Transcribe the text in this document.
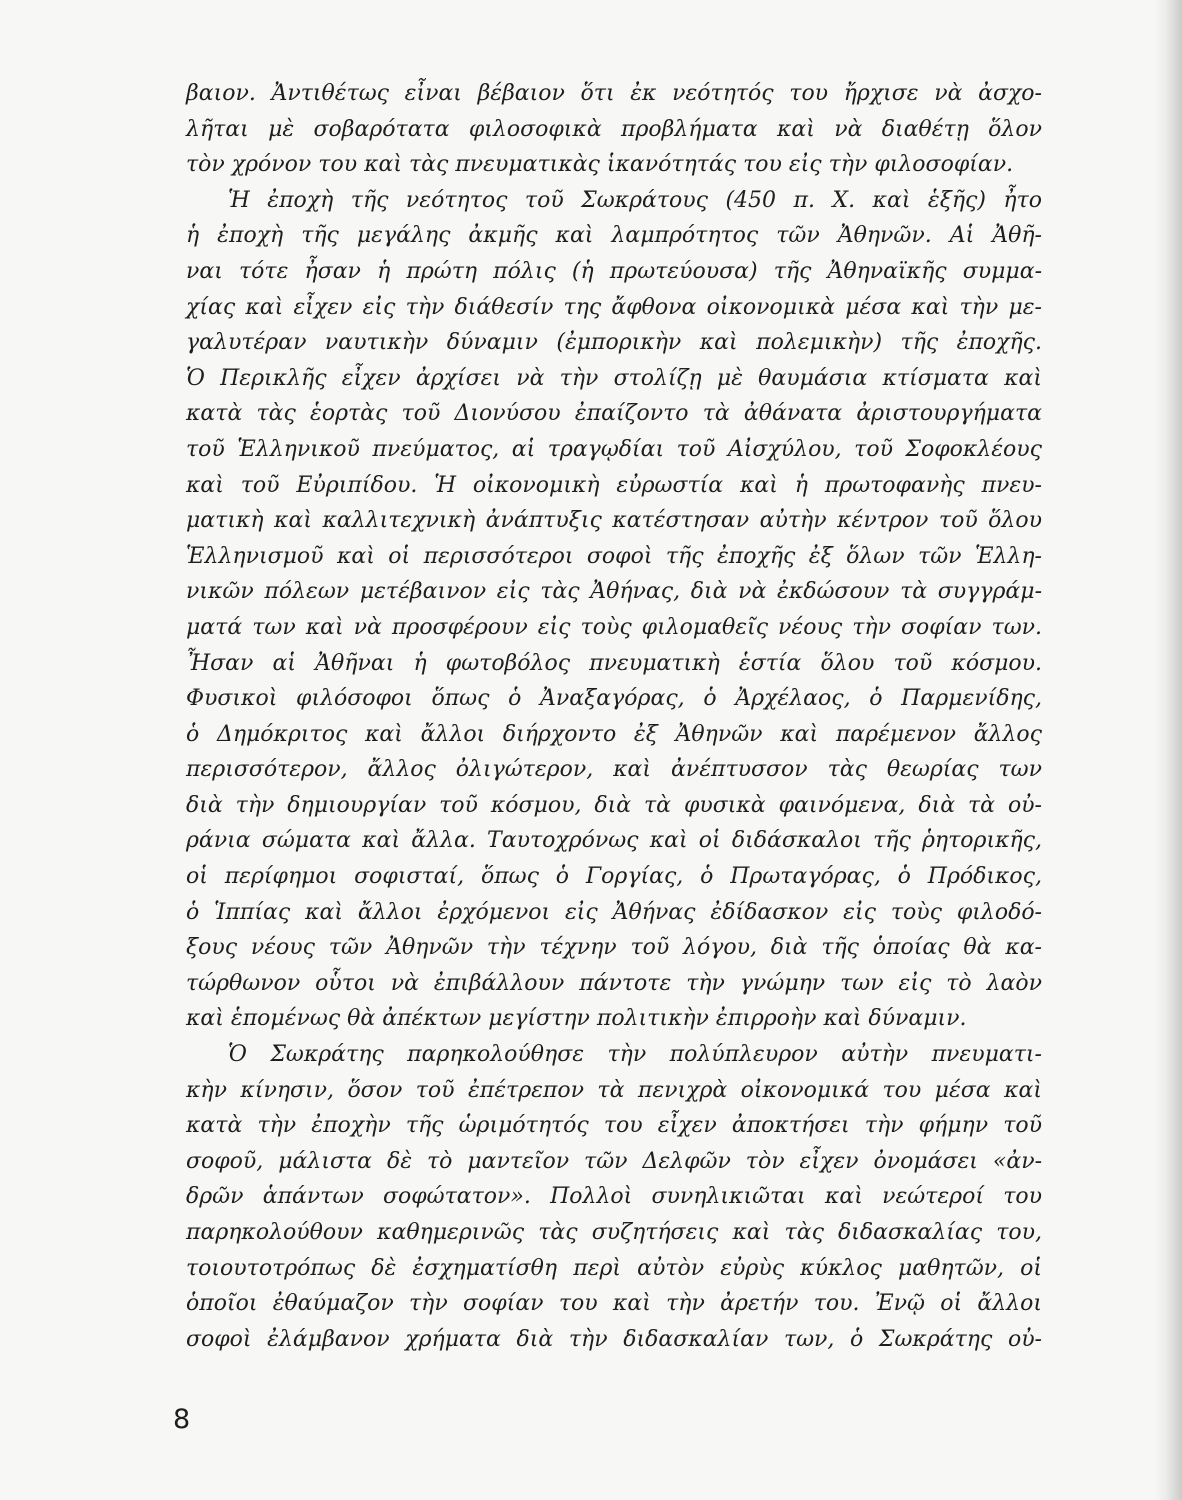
βαιον. Ἀντιθέτως εἶναι βέβαιον ὅτι ἐκ νεότητός του ἤρχισε νὰ ἀσχο-
λῆται μὲ σοβαρότατα φιλοσοφικὰ προβλήματα καὶ νὰ διαθέτῃ ὅλον
τὸν χρόνον του καὶ τὰς πνευματικὰς ἱκανότητάς του εἰς τὴν φιλοσοφίαν.
Ἡ ἐποχὴ τῆς νεότητος τοῦ Σωκράτους (450 π. Χ. καὶ ἑξῆς) ἦτο
ἡ ἐποχὴ τῆς μεγάλης ἀκμῆς καὶ λαμπρότητος τῶν Ἀθηνῶν. Αἱ Ἀθῆ-
ναι τότε ἦσαν ἡ πρώτη πόλις (ἡ πρωτεύουσα) τῆς Ἀθηναϊκῆς συμμα-
χίας καὶ εἶχεν εἰς τὴν διάθεσίν της ἄφθονα οἰκονομικὰ μέσα καὶ τὴν με-
γαλυτέραν ναυτικὴν δύναμιν (ἐμπορικὴν καὶ πολεμικὴν) τῆς ἐποχῆς.
Ὁ Περικλῆς εἶχεν ἀρχίσει νὰ τὴν στολίζῃ μὲ θαυμάσια κτίσματα καὶ
κατὰ τὰς ἑορτὰς τοῦ Διονύσου ἐπαίζοντο τὰ ἀθάνατα ἀριστουργήματα
τοῦ Ἑλληνικοῦ πνεύματος, αἱ τραγῳδίαι τοῦ Αἰσχύλου, τοῦ Σοφοκλέους
καὶ τοῦ Εὐριπίδου. Ἡ οἰκονομικὴ εὐρωστία καὶ ἡ πρωτοφανὴς πνευ-
ματικὴ καὶ καλλιτεχνικὴ ἀνάπτυξις κατέστησαν αὐτὴν κέντρον τοῦ ὅλου
Ἑλληνισμοῦ καὶ οἱ περισσότεροι σοφοὶ τῆς ἐποχῆς ἐξ ὅλων τῶν Ἑλλη-
νικῶν πόλεων μετέβαινον εἰς τὰς Ἀθήνας, διὰ νὰ ἐκδώσουν τὰ συγγράμ-
ματά των καὶ νὰ προσφέρουν εἰς τοὺς φιλομαθεῖς νέους τὴν σοφίαν των.
Ἦσαν αἱ Ἀθῆναι ἡ φωτοβόλος πνευματικὴ ἑστία ὅλου τοῦ κόσμου.
Φυσικοὶ φιλόσοφοι ὅπως ὁ Ἀναξαγόρας, ὁ Ἀρχέλαος, ὁ Παρμενίδης,
ὁ Δημόκριτος καὶ ἄλλοι διήρχοντο ἐξ Ἀθηνῶν καὶ παρέμενον ἄλλος
περισσότερον, ἄλλος ὀλιγώτερον, καὶ ἀνέπτυσσον τὰς θεωρίας των
διὰ τὴν δημιουργίαν τοῦ κόσμου, διὰ τὰ φυσικὰ φαινόμενα, διὰ τὰ οὐ-
ράνια σώματα καὶ ἄλλα. Ταυτοχρόνως καὶ οἱ διδάσκαλοι τῆς ῥητορικῆς,
οἱ περίφημοι σοφισταί, ὅπως ὁ Γοργίας, ὁ Πρωταγόρας, ὁ Πρόδικος,
ὁ Ἱππίας καὶ ἄλλοι ἐρχόμενοι εἰς Ἀθήνας ἐδίδασκον εἰς τοὺς φιλοδό-
ξους νέους τῶν Ἀθηνῶν τὴν τέχνην τοῦ λόγου, διὰ τῆς ὁποίας θὰ κα-
τώρθωνον οὗτοι νὰ ἐπιβάλλουν πάντοτε τὴν γνώμην των εἰς τὸ λαὸν
καὶ ἑπομένως θὰ ἀπέκτων μεγίστην πολιτικὴν ἐπιρροὴν καὶ δύναμιν.
Ὁ Σωκράτης παρηκολούθησε τὴν πολύπλευρον αὐτὴν πνευματι-
κὴν κίνησιν, ὅσον τοῦ ἐπέτρεπον τὰ πενιχρὰ οἰκονομικά του μέσα καὶ
κατὰ τὴν ἐποχὴν τῆς ὡριμότητός του εἶχεν ἀποκτήσει τὴν φήμην τοῦ
σοφοῦ, μάλιστα δὲ τὸ μαντεῖον τῶν Δελφῶν τὸν εἶχεν ὀνομάσει «ἀν-
δρῶν ἁπάντων σοφώτατον». Πολλοὶ συνηλικιῶται καὶ νεώτεροί του
παρηκολούθουν καθημερινῶς τὰς συζητήσεις καὶ τὰς διδασκαλίας του,
τοιουτοτρόπως δὲ ἐσχηματίσθη περὶ αὐτὸν εὐρὺς κύκλος μαθητῶν, οἱ
ὁποῖοι ἐθαύμαζον τὴν σοφίαν του καὶ τὴν ἀρετήν του. Ἐνῷ οἱ ἄλλοι
σοφοὶ ἐλάμβανον χρήματα διὰ τὴν διδασκαλίαν των, ὁ Σωκράτης οὐ-
8
